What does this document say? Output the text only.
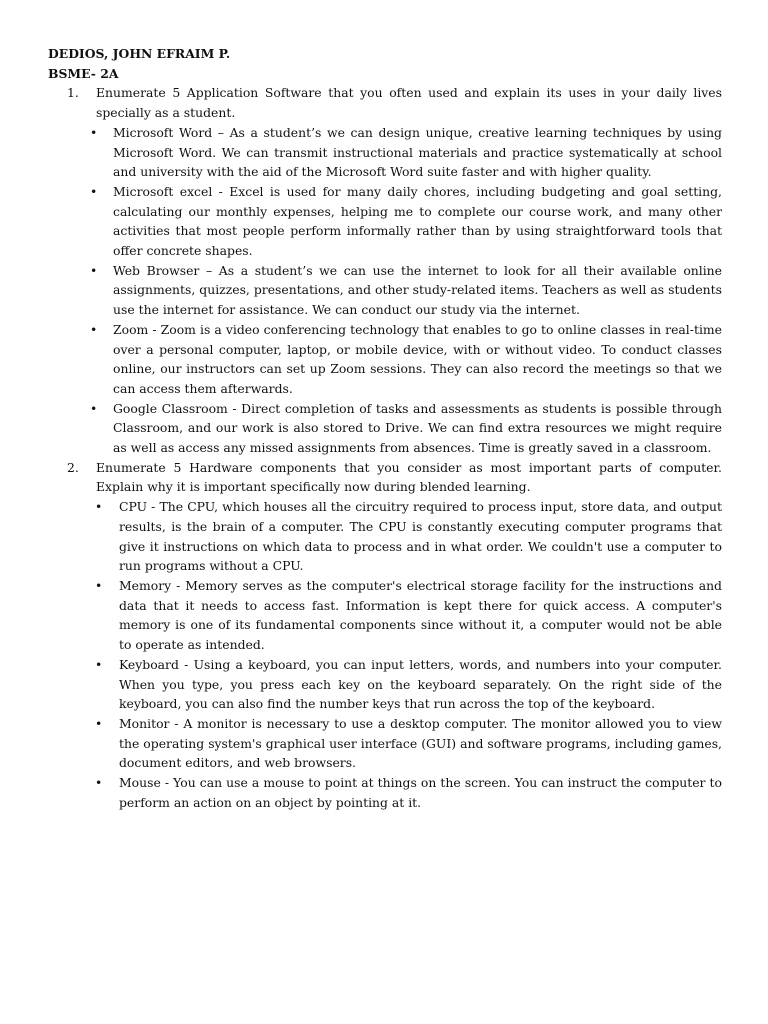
DEDIOS, JOHN EFRAIM P.

BSME- 2A

1. Enumerate 5 Application Software that you often used and explain its uses in your daily lives specially as a student.

• Microsoft Word – As a student’s we can design unique, creative learning techniques by using Microsoft Word. We can transmit instructional materials and practice systematically at school and university with the aid of the Microsoft Word suite faster and with higher quality.
• Microsoft excel - Excel is used for many daily chores, including budgeting and goal setting, calculating our monthly expenses, helping me to complete our course work, and many other activities that most people perform informally rather than by using straightforward tools that offer concrete shapes.
• Web Browser – As a student’s we can use the internet to look for all their available online assignments, quizzes, presentations, and other study-related items. Teachers as well as students use the internet for assistance. We can conduct our study via the internet.
• Zoom - Zoom is a video conferencing technology that enables to go to online classes in real-time over a personal computer, laptop, or mobile device, with or without video. To conduct classes online, our instructors can set up Zoom sessions. They can also record the meetings so that we can access them afterwards.
• Google Classroom - Direct completion of tasks and assessments as students is possible through Classroom, and our work is also stored to Drive. We can find extra resources we might require as well as access any missed assignments from absences. Time is greatly saved in a classroom.
2. Enumerate 5 Hardware components that you consider as most important parts of computer. Explain why it is important specifically now during blended learning.

• CPU - The CPU, which houses all the circuitry required to process input, store data, and output results, is the brain of a computer. The CPU is constantly executing computer programs that give it instructions on which data to process and in what order. We couldn't use a computer to run programs without a CPU.
• Memory - Memory serves as the computer's electrical storage facility for the instructions and data that it needs to access fast. Information is kept there for quick access. A computer's memory is one of its fundamental components since without it, a computer would not be able to operate as intended.
• Keyboard - Using a keyboard, you can input letters, words, and numbers into your computer. When you type, you press each key on the keyboard separately. On the right side of the keyboard, you can also find the number keys that run across the top of the keyboard.
• Monitor - A monitor is necessary to use a desktop computer. The monitor allowed you to view the operating system's graphical user interface (GUI) and software programs, including games, document editors, and web browsers.
• Mouse - You can use a mouse to point at things on the screen. You can instruct the computer to perform an action on an object by pointing at it.
